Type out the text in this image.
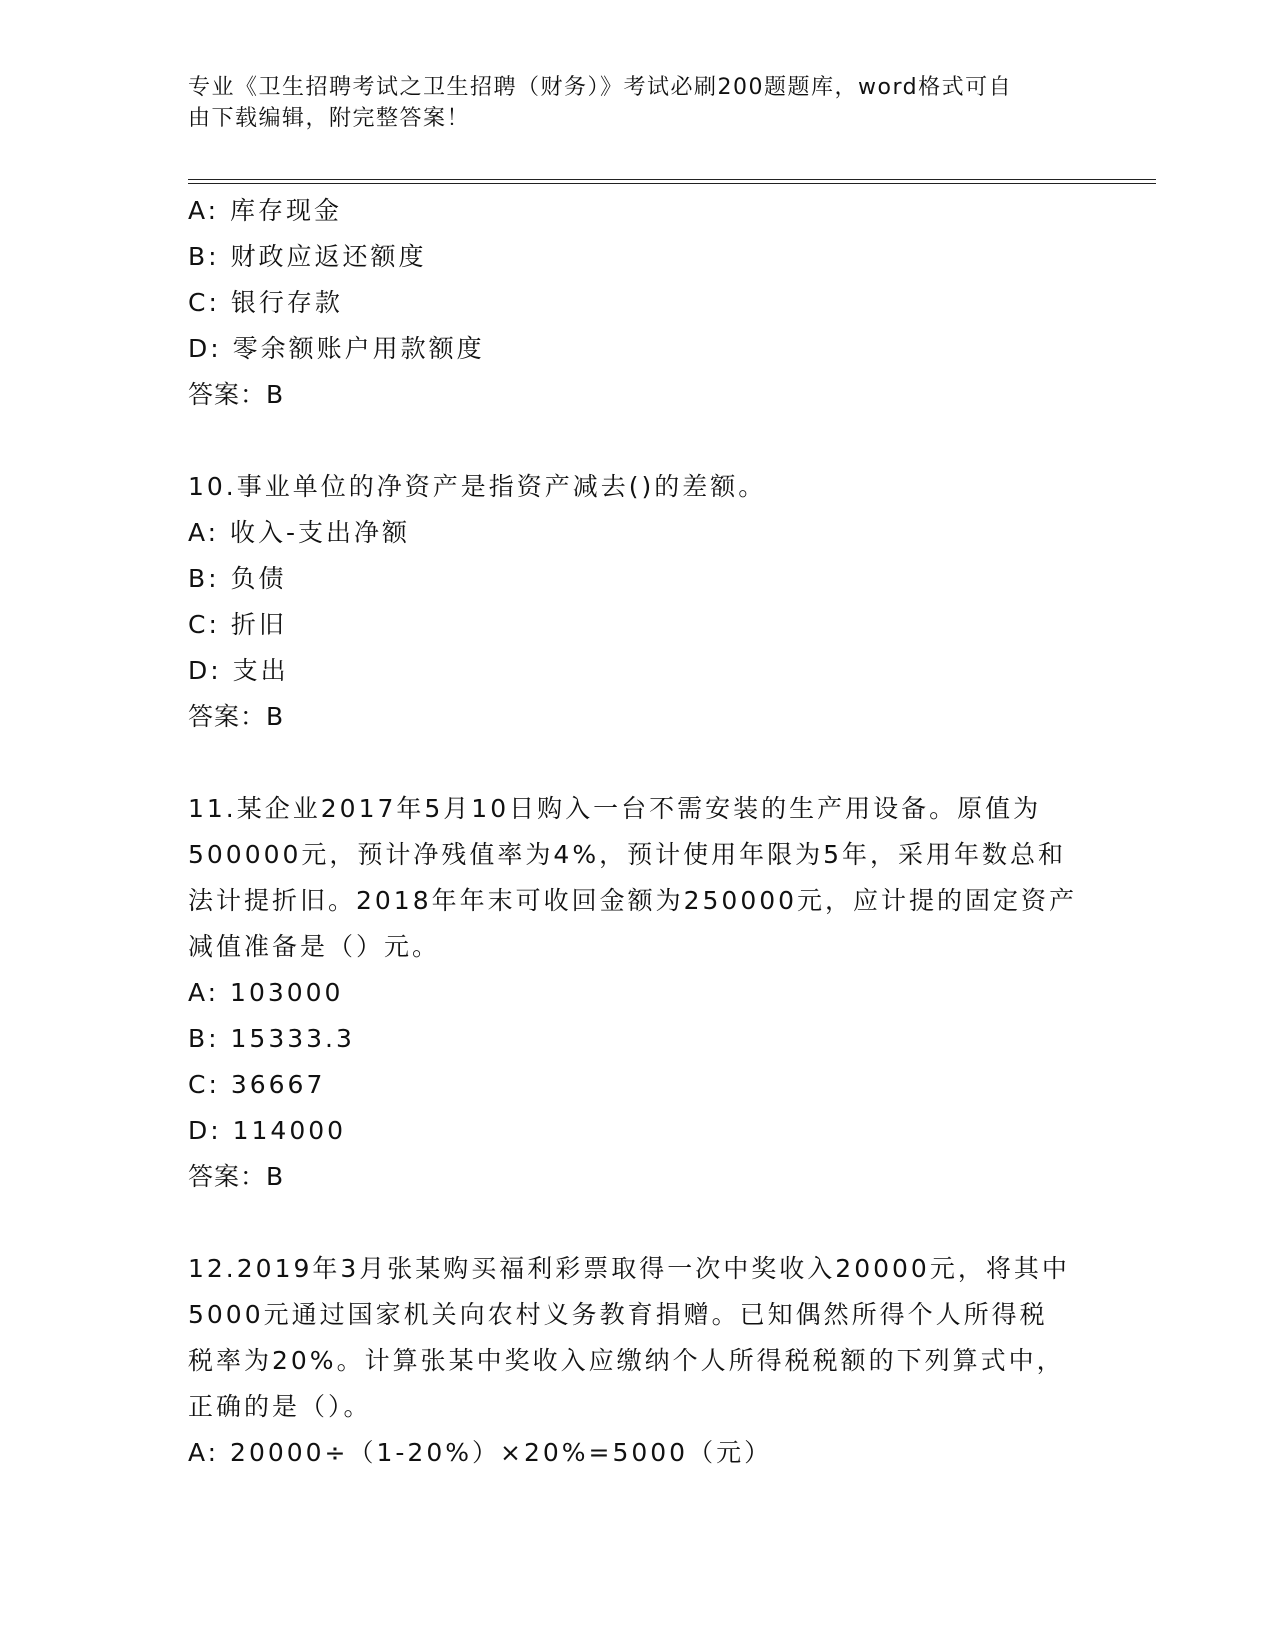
专业《卫生招聘考试之卫生招聘（财务）》考试必刷200题题库，word格式可自
由下载编辑，附完整答案！
A: 库存现金
B: 财政应返还额度
C: 银行存款
D: 零余额账户用款额度
答案：B
10.事业单位的净资产是指资产减去()的差额。
A: 收入-支出净额
B: 负债
C: 折旧
D: 支出
答案：B
11.某企业2017年5月10日购入一台不需安装的生产用设备。原值为
500000元，预计净残值率为4%，预计使用年限为5年，采用年数总和
法计提折旧。2018年年末可收回金额为250000元，应计提的固定资产
减值准备是（）元。
A: 103000
B: 15333.3
C: 36667
D: 114000
答案：B
12.2019年3月张某购买福利彩票取得一次中奖收入20000元，将其中
5000元通过国家机关向农村义务教育捐赠。已知偶然所得个人所得税
税率为20%。计算张某中奖收入应缴纳个人所得税税额的下列算式中，
正确的是（）。
A: 20000÷（1-20%）×20%=5000（元）
